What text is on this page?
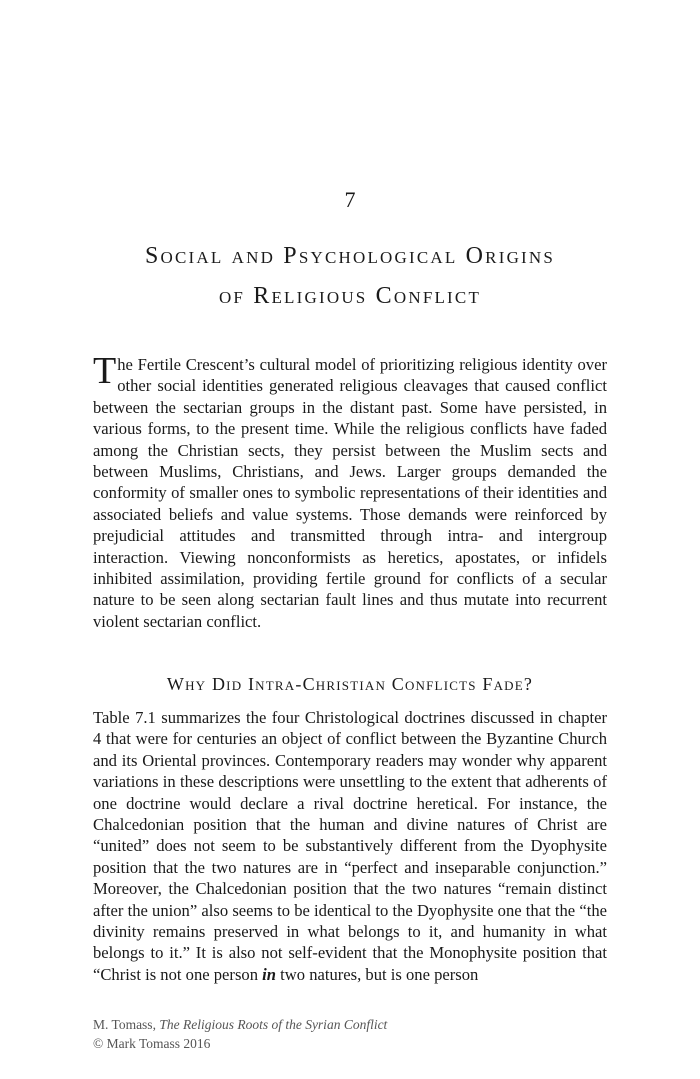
7
Social and Psychological Origins
of Religious Conflict

The Fertile Crescent’s cultural model of prioritizing religious identity over other social identities generated religious cleavages that caused conflict between the sectarian groups in the distant past. Some have persisted, in various forms, to the present time. While the religious conflicts have faded among the Christian sects, they persist between the Muslim sects and between Muslims, Christians, and Jews. Larger groups demanded the conformity of smaller ones to symbolic representations of their identities and associated beliefs and value systems. Those demands were reinforced by prejudicial attitudes and transmitted through intra- and intergroup interaction. Viewing nonconformists as heretics, apostates, or infidels inhibited assimilation, providing fertile ground for conflicts of a secular nature to be seen along sectarian fault lines and thus mutate into recurrent violent sectarian conflict.

Why Did Intra-Christian Conflicts Fade?

Table 7.1 summarizes the four Christological doctrines discussed in chapter 4 that were for centuries an object of conflict between the Byzantine Church and its Oriental provinces. Contemporary readers may wonder why apparent variations in these descriptions were unsettling to the extent that adherents of one doctrine would declare a rival doctrine heretical. For instance, the Chalcedonian position that the human and divine natures of Christ are “united” does not seem to be substantively different from the Dyophysite position that the two natures are in “perfect and inseparable conjunction.” Moreover, the Chalcedonian position that the two natures “remain distinct after the union” also seems to be identical to the Dyophysite one that the “the divinity remains preserved in what belongs to it, and humanity in what belongs to it.” It is also not self-evident that the Monophysite position that “Christ is not one person in two natures, but is one person

M. Tomass, The Religious Roots of the Syrian Conflict
© Mark Tomass 2016
